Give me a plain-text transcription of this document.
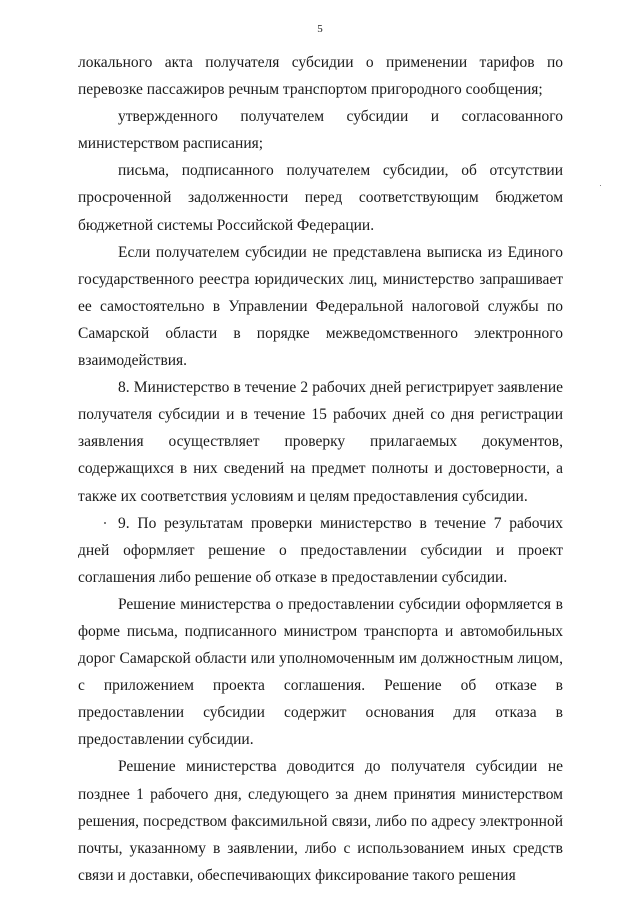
5

локального акта получателя субсидии о применении тарифов по перевозке пассажиров речным транспортом пригородного сообщения;

утвержденного получателем субсидии и согласованного министерством расписания;

письма, подписанного получателем субсидии, об отсутствии просроченной задолженности перед соответствующим бюджетом бюджетной системы Российской Федерации.

Если получателем субсидии не представлена выписка из Единого государственного реестра юридических лиц, министерство запрашивает ее самостоятельно в Управлении Федеральной налоговой службы по Самарской области в порядке межведомственного электронного взаимодействия.

8. Министерство в течение 2 рабочих дней регистрирует заявление получателя субсидии и в течение 15 рабочих дней со дня регистрации заявления осуществляет проверку прилагаемых документов, содержащихся в них сведений на предмет полноты и достоверности, а также их соответствия условиям и целям предоставления субсидии.

9. По результатам проверки министерство в течение 7 рабочих дней оформляет решение о предоставлении субсидии и проект соглашения либо решение об отказе в предоставлении субсидии.

Решение министерства о предоставлении субсидии оформляется в форме письма, подписанного министром транспорта и автомобильных дорог Самарской области или уполномоченным им должностным лицом, с приложением проекта соглашения. Решение об отказе в предоставлении субсидии содержит основания для отказа в предоставлении субсидии.

Решение министерства доводится до получателя субсидии не позднее 1 рабочего дня, следующего за днем принятия министерством решения, посредством факсимильной связи, либо по адресу электронной почты, указанному в заявлении, либо с использованием иных средств связи и доставки, обеспечивающих фиксирование такого решения
